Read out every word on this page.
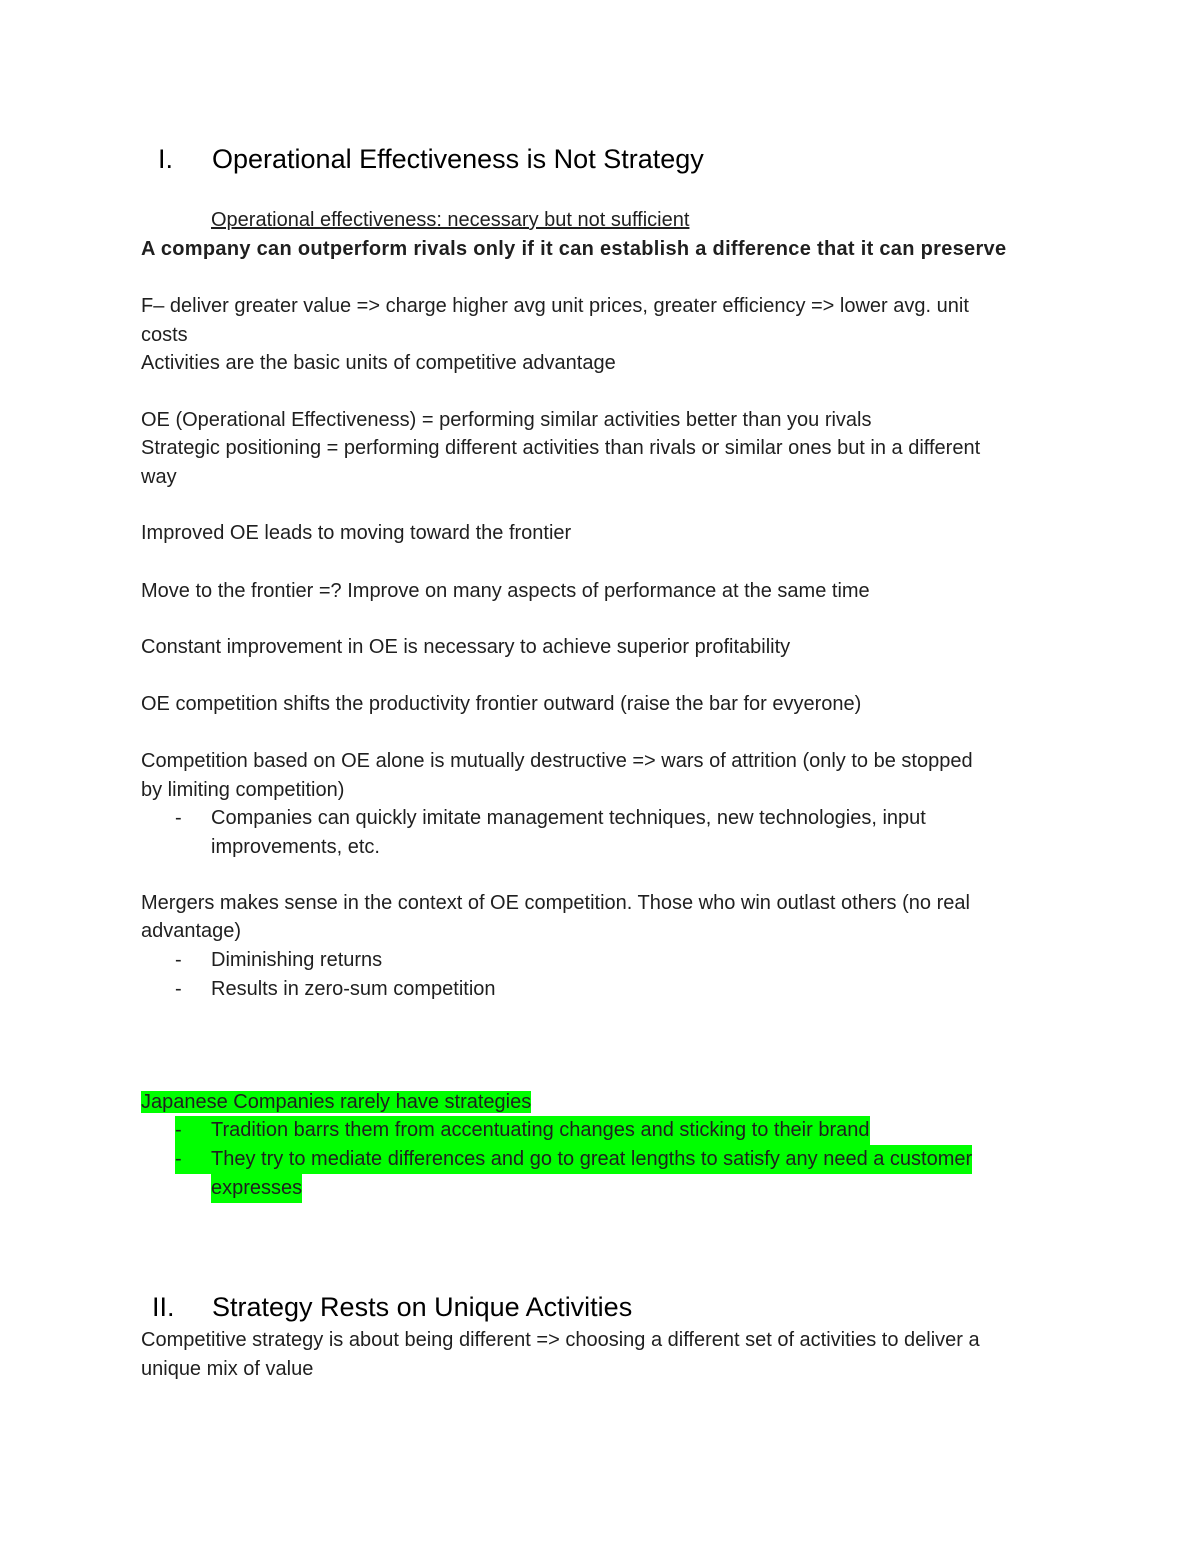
I. Operational Effectiveness is Not Strategy
Operational effectiveness: necessary but not sufficient
A company can outperform rivals only if it can establish a difference that it can preserve
F– deliver greater value => charge higher avg unit prices, greater efficiency => lower avg. unit
costs
Activities are the basic units of competitive advantage
OE (Operational Effectiveness) = performing similar activities better than you rivals
Strategic positioning = performing different activities than rivals or similar ones but in a different
way
Improved OE leads to moving toward the frontier
Move to the frontier =? Improve on many aspects of performance at the same time
Constant improvement in OE is necessary to achieve superior profitability
OE competition shifts the productivity frontier outward (raise the bar for evyerone)
Competition based on OE alone is mutually destructive => wars of attrition (only to be stopped
by limiting competition)
- Companies can quickly imitate management techniques, new technologies, input
improvements, etc.
Mergers makes sense in the context of OE competition. Those who win outlast others (no real
advantage)
- Diminishing returns
- Results in zero-sum competition
Japanese Companies rarely have strategies
-	Tradition barrs them from accentuating changes and sticking to their brand
-	They try to mediate differences and go to great lengths to satisfy any need a customer
expresses
II. Strategy Rests on Unique Activities
Competitive strategy is about being different => choosing a different set of activities to deliver a
unique mix of value
